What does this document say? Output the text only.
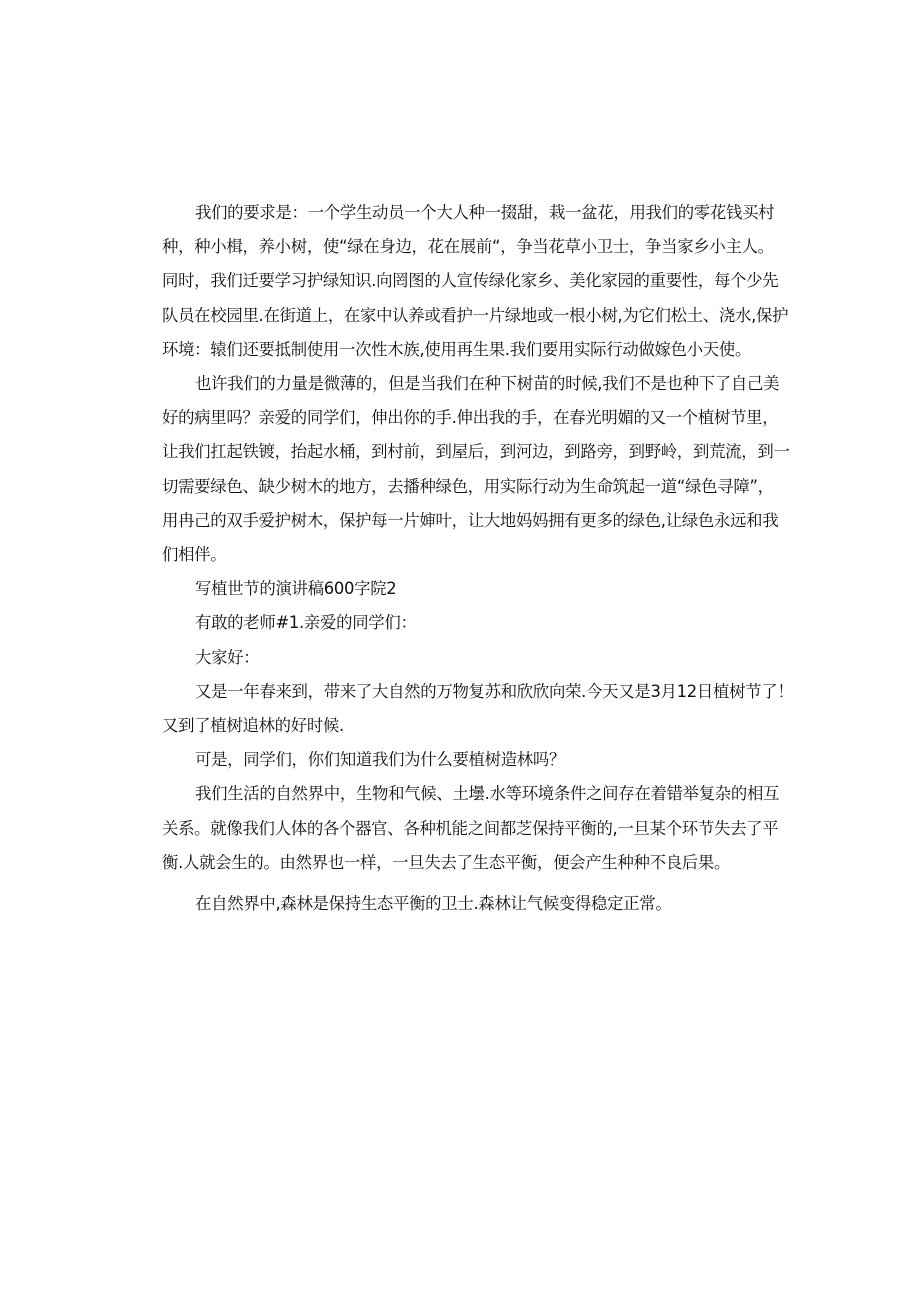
我们的要求是：一个学生动员一个大人种一掇甜，栽一盆花，用我们的零花钱买村
种，种小楫，养小树，使“绿在身边，花在展前“，争当花草小卫士，争当家乡小主人。
同时，我们迁要学习护绿知识.向罔图的人宣传绿化家乡、美化家园的重要性，每个少先
队员在校园里.在街道上，在家中认养或看护一片绿地或一根小树,为它们松土、浇水,保护
环境：辕们还要抵制使用一次性木族,使用再生果.我们要用实际行动做嫁色小天使。

也许我们的力量是微薄的，但是当我们在种下树苗的时候,我们不是也种下了自己美
好的病里吗？亲爱的同学们，伸出你的手.伸出我的手，在春光明媚的又一个植树节里，
让我们扛起铁镀，抬起水桶，到村前，到屋后，到河边，到路旁，到野岭，到荒流，到一
切需要绿色、缺少树木的地方，去播种绿色，用实际行动为生命筑起一道“绿色寻障”，
用冉己的双手爱护树木，保护每一片婶叶，让大地妈妈拥有更多的绿色,让绿色永远和我
们相伴。

写植世节的演讲稿600字院2

有敢的老师#1.亲爱的同学们：

大家好：

又是一年春来到，带来了大自然的万物复苏和欣欣向荣.今天又是3月12日植树节了！
又到了植树追林的好时候.

可是，同学们，你们知道我们为什么要植树造林吗？

我们生活的自然界中，生物和气候、土壜.水等环境条件之间存在着错举复杂的相互
关系。就像我们人体的各个器官、各种机能之间都芝保持平衡的,一旦某个环节失去了平
衡.人就会生的。由然界也一样，一旦失去了生态平衡，便会产生种种不良后果。

在自然界中,森林是保持生态平衡的卫士.森林让气候变得稳定正常。
